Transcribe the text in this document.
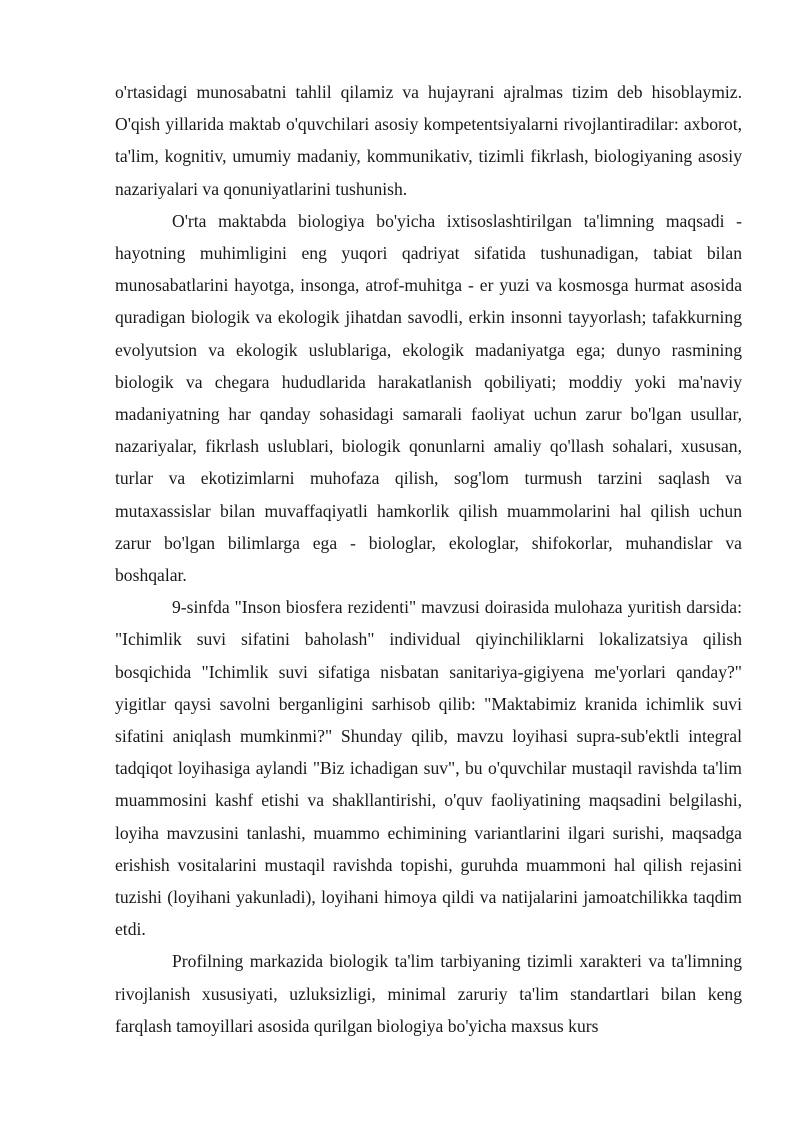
o'rtasidagi munosabatni tahlil qilamiz va hujayrani ajralmas tizim deb hisoblaymiz. O'qish yillarida maktab o'quvchilari asosiy kompetentsiyalarni rivojlantiradilar: axborot, ta'lim, kognitiv, umumiy madaniy, kommunikativ, tizimli fikrlash, biologiyaning asosiy nazariyalari va qonuniyatlarini tushunish.

O'rta maktabda biologiya bo'yicha ixtisoslashtirilgan ta'limning maqsadi - hayotning muhimligini eng yuqori qadriyat sifatida tushunadigan, tabiat bilan munosabatlarini hayotga, insonga, atrof-muhitga - er yuzi va kosmosga hurmat asosida quradigan biologik va ekologik jihatdan savodli, erkin insonni tayyorlash; tafakkurning evolyutsion va ekologik uslublariga, ekologik madaniyatga ega; dunyo rasmining biologik va chegara hududlarida harakatlanish qobiliyati; moddiy yoki ma'naviy madaniyatning har qanday sohasidagi samarali faoliyat uchun zarur bo'lgan usullar, nazariyalar, fikrlash uslublari, biologik qonunlarni amaliy qo'llash sohalari, xususan, turlar va ekotizimlarni muhofaza qilish, sog'lom turmush tarzini saqlash va mutaxassislar bilan muvaffaqiyatli hamkorlik qilish muammolarini hal qilish uchun zarur bo'lgan bilimlarga ega - biologlar, ekologlar, shifokorlar, muhandislar va boshqalar.

9-sinfda "Inson biosfera rezidenti" mavzusi doirasida mulohaza yuritish darsida: "Ichimlik suvi sifatini baholash" individual qiyinchiliklarni lokalizatsiya qilish bosqichida "Ichimlik suvi sifatiga nisbatan sanitariya-gigiyena me'yorlari qanday?" yigitlar qaysi savolni berganligini sarhisob qilib: "Maktabimiz kranida ichimlik suvi sifatini aniqlash mumkinmi?" Shunday qilib, mavzu loyihasi supra-sub'ektli integral tadqiqot loyihasiga aylandi "Biz ichadigan suv", bu o'quvchilar mustaqil ravishda ta'lim muammosini kashf etishi va shakllantirishi, o'quv faoliyatining maqsadini belgilashi, loyiha mavzusini tanlashi, muammo echimining variantlarini ilgari surishi, maqsadga erishish vositalarini mustaqil ravishda topishi, guruhda muammoni hal qilish rejasini tuzishi (loyihani yakunladi), loyihani himoya qildi va natijalarini jamoatchilikka taqdim etdi.

Profilning markazida biologik ta'lim tarbiyaning tizimli xarakteri va ta'limning rivojlanish xususiyati, uzluksizligi, minimal zaruriy ta'lim standartlari bilan keng farqlash tamoyillari asosida qurilgan biologiya bo'yicha maxsus kurs
